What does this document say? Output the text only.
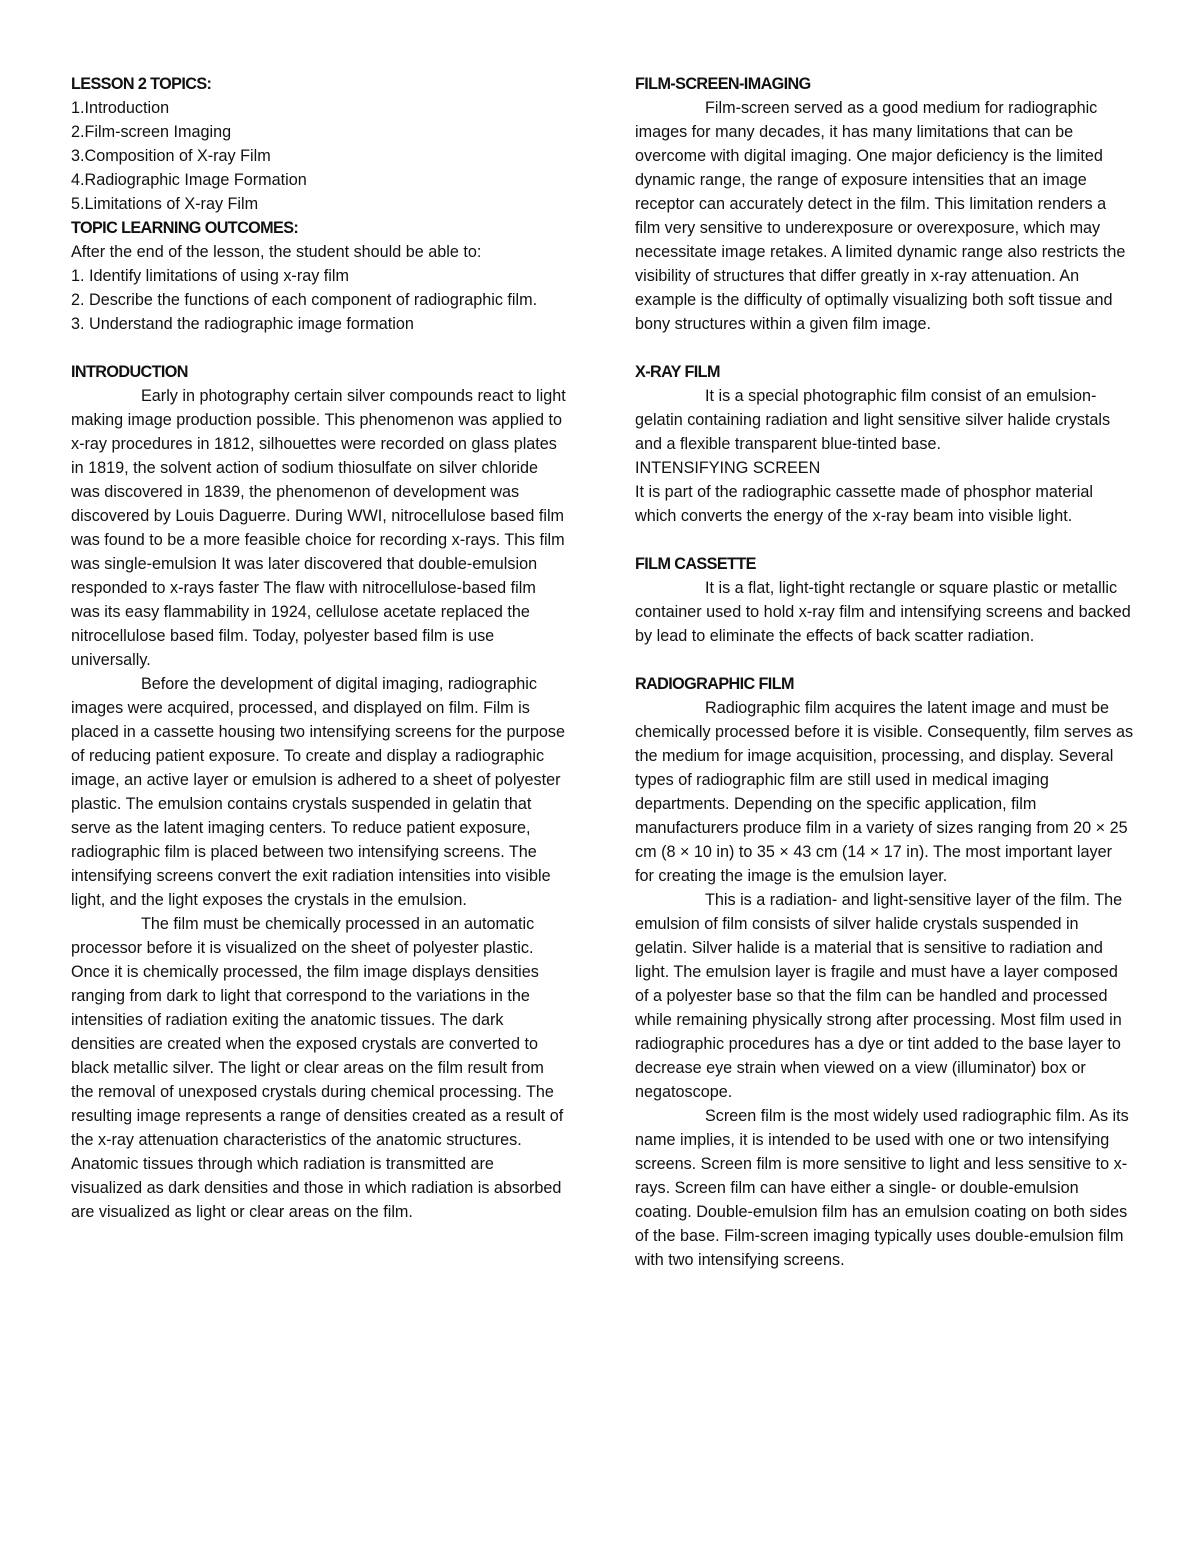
LESSON 2 TOPICS:

1.Introduction

2.Film-screen Imaging

3.Composition of X-ray Film

4.Radiographic Image Formation

5.Limitations of X-ray Film

TOPIC LEARNING OUTCOMES:

After the end of the lesson, the student should be able to:

1. Identify limitations of using x-ray film

2. Describe the functions of each component of radiographic film.

3. Understand the radiographic image formation

INTRODUCTION

Early in photography certain silver compounds react to light making image production possible. This phenomenon was applied to x-ray procedures in 1812, silhouettes were recorded on glass plates in 1819, the solvent action of sodium thiosulfate on silver chloride was discovered in 1839, the phenomenon of development was discovered by Louis Daguerre. During WWI, nitrocellulose based film was found to be a more feasible choice for recording x-rays. This film was single-emulsion It was later discovered that double-emulsion responded to x-rays faster The flaw with nitrocellulose-based film was its easy flammability in 1924, cellulose acetate replaced the nitrocellulose based film. Today, polyester based film is use universally.

Before the development of digital imaging, radiographic images were acquired, processed, and displayed on film. Film is placed in a cassette housing two intensifying screens for the purpose of reducing patient exposure. To create and display a radiographic image, an active layer or emulsion is adhered to a sheet of polyester plastic. The emulsion contains crystals suspended in gelatin that serve as the latent imaging centers. To reduce patient exposure, radiographic film is placed between two intensifying screens. The intensifying screens convert the exit radiation intensities into visible light, and the light exposes the crystals in the emulsion.

The film must be chemically processed in an automatic processor before it is visualized on the sheet of polyester plastic. Once it is chemically processed, the film image displays densities ranging from dark to light that correspond to the variations in the intensities of radiation exiting the anatomic tissues. The dark densities are created when the exposed crystals are converted to black metallic silver. The light or clear areas on the film result from the removal of unexposed crystals during chemical processing. The resulting image represents a range of densities created as a result of the x-ray attenuation characteristics of the anatomic structures. Anatomic tissues through which radiation is transmitted are visualized as dark densities and those in which radiation is absorbed are visualized as light or clear areas on the film.

FILM-SCREEN-IMAGING

Film-screen served as a good medium for radiographic images for many decades, it has many limitations that can be overcome with digital imaging. One major deficiency is the limited dynamic range, the range of exposure intensities that an image receptor can accurately detect in the film. This limitation renders a film very sensitive to underexposure or overexposure, which may necessitate image retakes. A limited dynamic range also restricts the visibility of structures that differ greatly in x-ray attenuation. An example is the difficulty of optimally visualizing both soft tissue and bony structures within a given film image.

X-RAY FILM

It is a special photographic film consist of an emulsion-gelatin containing radiation and light sensitive silver halide crystals and a flexible transparent blue-tinted base.

INTENSIFYING SCREEN

It is part of the radiographic cassette made of phosphor material which converts the energy of the x-ray beam into visible light.

FILM CASSETTE

It is a flat, light-tight rectangle or square plastic or metallic container used to hold x-ray film and intensifying screens and backed by lead to eliminate the effects of back scatter radiation.

RADIOGRAPHIC FILM

Radiographic film acquires the latent image and must be chemically processed before it is visible. Consequently, film serves as the medium for image acquisition, processing, and display. Several types of radiographic film are still used in medical imaging departments. Depending on the specific application, film manufacturers produce film in a variety of sizes ranging from 20 × 25 cm (8 × 10 in) to 35 × 43 cm (14 × 17 in). The most important layer for creating the image is the emulsion layer.

This is a radiation- and light-sensitive layer of the film. The emulsion of film consists of silver halide crystals suspended in gelatin. Silver halide is a material that is sensitive to radiation and light. The emulsion layer is fragile and must have a layer composed of a polyester base so that the film can be handled and processed while remaining physically strong after processing. Most film used in radiographic procedures has a dye or tint added to the base layer to decrease eye strain when viewed on a view (illuminator) box or negatoscope.

Screen film is the most widely used radiographic film. As its name implies, it is intended to be used with one or two intensifying screens. Screen film is more sensitive to light and less sensitive to x-rays. Screen film can have either a single- or double-emulsion coating. Double-emulsion film has an emulsion coating on both sides of the base. Film-screen imaging typically uses double-emulsion film with two intensifying screens.
